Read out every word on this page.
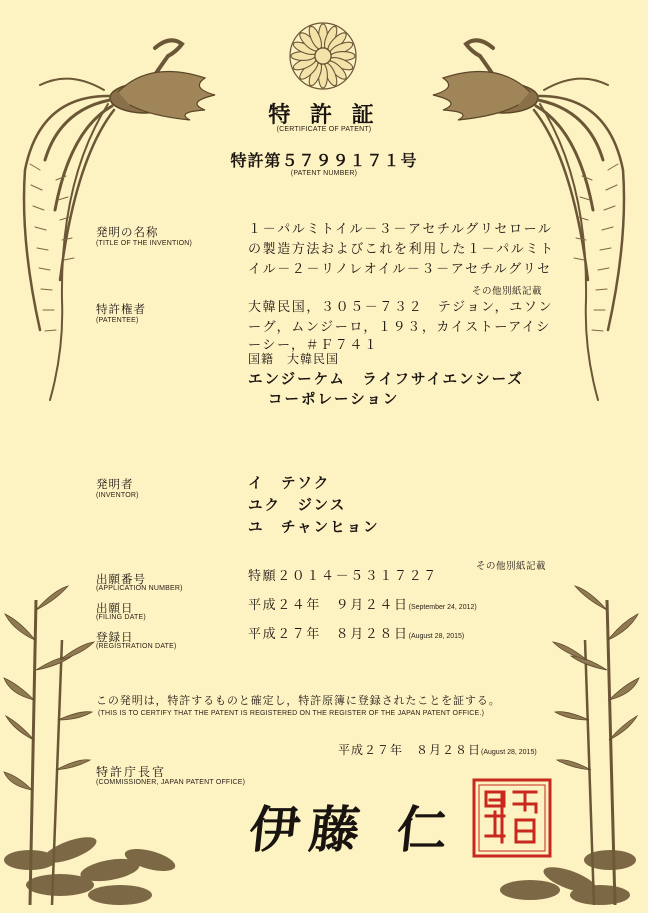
特 許 証
(CERTIFICATE OF PATENT)
特許第５７９９１７１号
(PATENT NUMBER)
発明の名称
(TITLE OF THE INVENTION)
１－パルミトイル－３－アセチルグリセロール
の製造方法およびこれを利用した１－パルミト
イル－２－リノレオイル－３－アセチルグリセ
その他別紙記載
特許権者
(PATENTEE)
大韓民国，３０５－７３２　テジョン，ユソン
ーグ，ムンジーロ，１９３，カイストーアイシ
ーシー，＃Ｆ７４１
国籍　大韓民国
エンジーケム　ライフサイエンシーズ
コーポレーション
発明者
(INVENTOR)
イ　テソク
ユク　ジンス
ユ　チャンヒョン
その他別紙記載
出願番号
(APPLICATION NUMBER)
特願２０１４－５３１７２７
出願日
(FILING DATE)
平成２４年　９月２４日(September 24, 2012)
登録日
(REGISTRATION DATE)
平成２７年　８月２８日(August 28, 2015)
この発明は，特許するものと確定し，特許原簿に登録されたことを証する。
(THIS IS TO CERTIFY THAT THE PATENT IS REGISTERED ON THE REGISTER OF THE JAPAN PATENT OFFICE.)
平成２７年　８月２８日(August 28, 2015)
特許庁長官
(COMMISSIONER, JAPAN PATENT OFFICE)
伊藤 仁
